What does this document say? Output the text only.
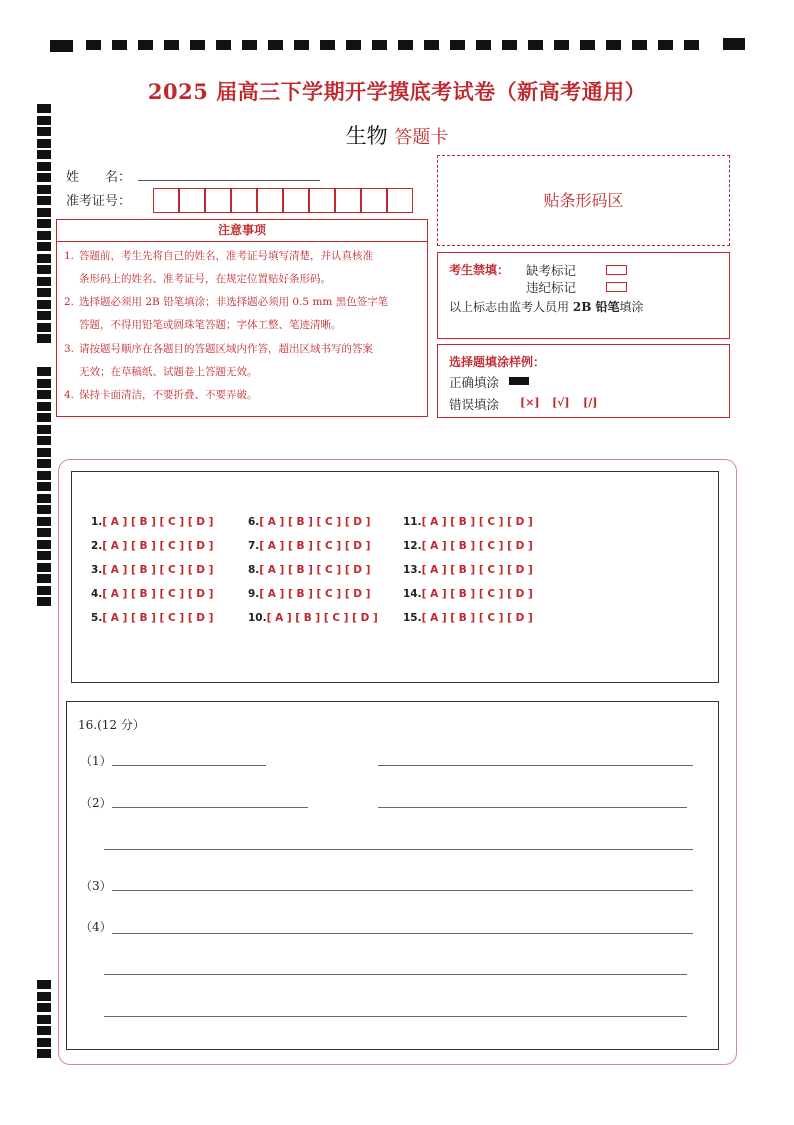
2025 届高三下学期开学摸底考试卷（新高考通用）
生物 答题卡
姓　　名：
准考证号：	贴条形码区
注意事项
1. 答题前，考生先将自己的姓名，准考证号填写清楚，并认真核准
条形码上的姓名、准考证号，在规定位置贴好条形码。
2. 选择题必须用 2B 铅笔填涂；非选择题必须用 0.5 mm 黑色签字笔
答题，不得用铅笔或圆珠笔答题；字体工整、笔迹清晰。
3. 请按题号顺序在各题目的答题区域内作答，超出区域书写的答案
无效；在草稿纸、试题卷上答题无效。
4. 保持卡面清洁，不要折叠、不要弄破。
考生禁填： 缺考标记
违纪标记
以上标志由监考人员用 2B 铅笔填涂
选择题填涂样例：
正确填涂
错误填涂 [×] [√] [/]
1.[ A ] [ B ] [ C ] [ D ]
2.[ A ] [ B ] [ C ] [ D ]
3.[ A ] [ B ] [ C ] [ D ]
4.[ A ] [ B ] [ C ] [ D ]
5.[ A ] [ B ] [ C ] [ D ]
6.[ A ] [ B ] [ C ] [ D ]
7.[ A ] [ B ] [ C ] [ D ]
8.[ A ] [ B ] [ C ] [ D ]
9.[ A ] [ B ] [ C ] [ D ]
10.[ A ] [ B ] [ C ] [ D ]
11.[ A ] [ B ] [ C ] [ D ]
12.[ A ] [ B ] [ C ] [ D ]
13.[ A ] [ B ] [ C ] [ D ]
14.[ A ] [ B ] [ C ] [ D ]
15.[ A ] [ B ] [ C ] [ D ]
16.(12 分）
（1）
（2）
（3）
（4）
